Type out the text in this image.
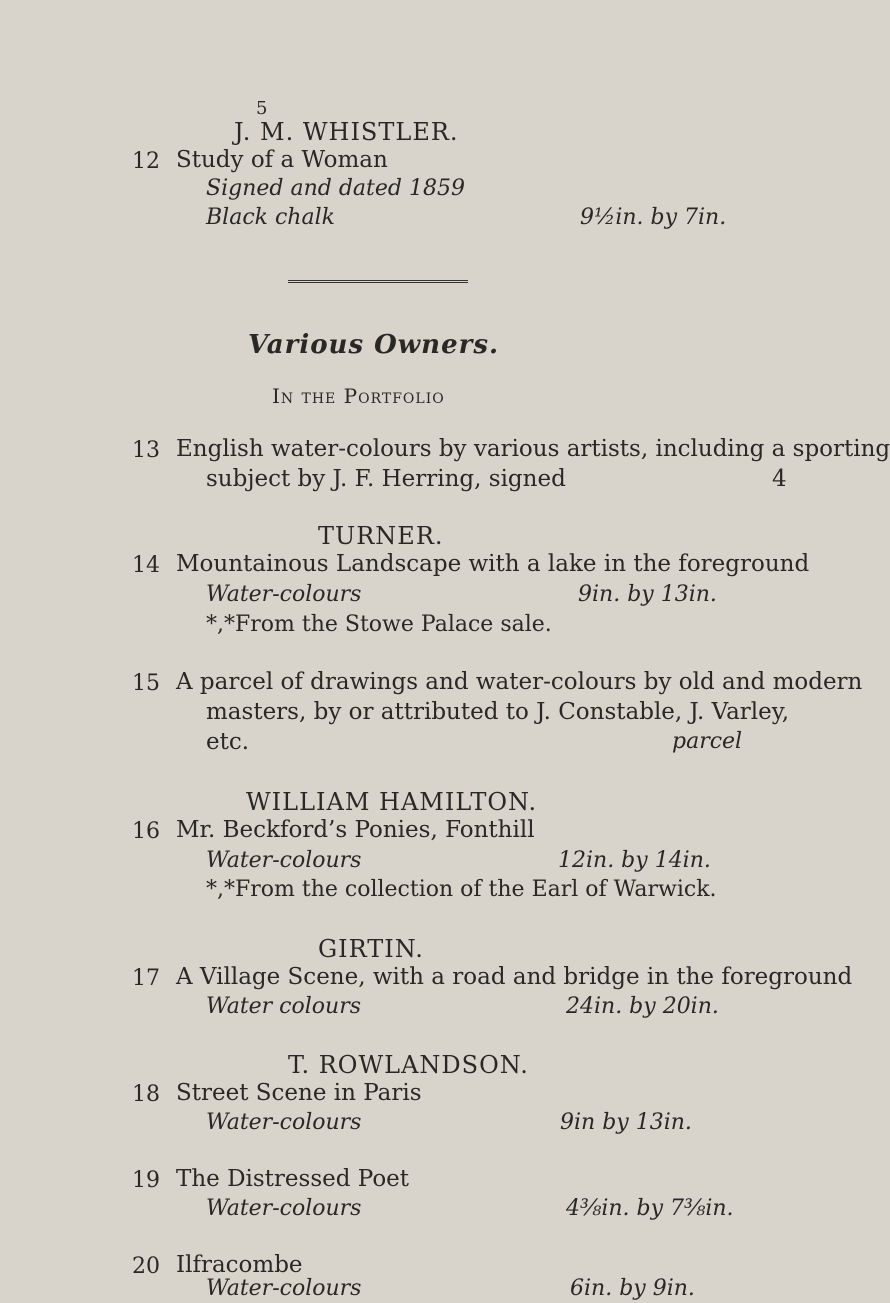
5
J. M. WHISTLER.
12 Study of a Woman
Signed and dated 1859
Black chalk	9½in. by 7in.
Various Owners.
In the Portfolio
13 English water-colours by various artists, including a sporting
subject by J. F. Herring, signed	4
TURNER.
14 Mountainous Landscape with a lake in the foreground
Water-colours	9in. by 13in.
*,*From the Stowe Palace sale.
15 A parcel of drawings and water-colours by old and modern
masters, by or attributed to J. Constable, J. Varley,
etc.	parcel
WILLIAM HAMILTON.
16 Mr. Beckford’s Ponies, Fonthill
Water-colours	12in. by 14in.
*,*From the collection of the Earl of Warwick.
GIRTIN.
17 A Village Scene, with a road and bridge in the foreground
Water colours	24in. by 20in.
T. ROWLANDSON.
18 Street Scene in Paris
Water-colours	9in by 13in.
19 The Distressed Poet
Water-colours	4⅜in. by 7⅜in.
20 Ilfracombe
Water-colours	6in. by 9in.
